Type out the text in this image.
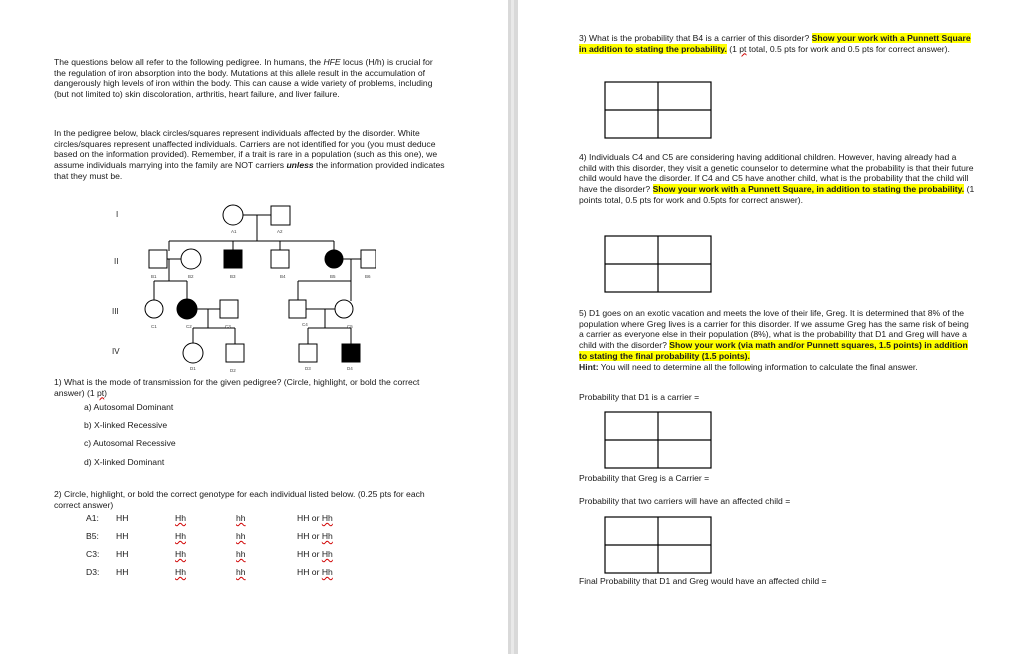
The questions below all refer to the following pedigree. In humans, the HFE locus (H/h) is crucial for the regulation of iron absorption into the body. Mutations at this allele result in the accumulation of dangerously high levels of iron within the body. This can cause a wide variety of problems, including (but not limited to) skin discoloration, arthritis, heart failure, and liver failure.
In the pedigree below, black circles/squares represent individuals affected by the disorder. White circles/squares represent unaffected individuals. Carriers are not identified for you (you must deduce based on the information provided). Remember, if a trait is rare in a population (such as this one), we assume individuals marrying into the family are NOT carriers unless the information provided indicates that they must be.
I
II
III
IV
A1	A2
B1	B2	B3	B4	B5	B6
C1	C2	C3	C4	C5
D1	D2	D3	D4
1) What is the mode of transmission for the given pedigree? (Circle, highlight, or bold the correct answer) (1 pt)
a) Autosomal Dominant
b) X-linked Recessive
c) Autosomal Recessive
d) X-linked Dominant
2) Circle, highlight, or bold the correct genotype for each individual listed below. (0.25 pts for each correct answer)
A1: HH	Hh	hh	HH or Hh
B5: HH	Hh	hh	HH or Hh
C3: HH	Hh	hh	HH or Hh
D3: HH	Hh	hh	HH or Hh
3) What is the probability that B4 is a carrier of this disorder? Show your work with a Punnett Square in addition to stating the probability. (1 pt total, 0.5 pts for work and 0.5 pts for correct answer).
4) Individuals C4 and C5 are considering having additional children. However, having already had a child with this disorder, they visit a genetic counselor to determine what the probability is that their future child would have the disorder. If C4 and C5 have another child, what is the probability that the child will have the disorder? Show your work with a Punnett Square, in addition to stating the probability. (1 points total, 0.5 pts for work and 0.5pts for correct answer).
5) D1 goes on an exotic vacation and meets the love of their life, Greg. It is determined that 8% of the population where Greg lives is a carrier for this disorder. If we assume Greg has the same risk of being a carrier as everyone else in their population (8%), what is the probability that D1 and Greg will have a child with the disorder? Show your work (via math and/or Punnett squares, 1.5 points) in addition to stating the final probability (1.5 points).
Hint: You will need to determine all the following information to calculate the final answer.
Probability that D1 is a carrier =
Probability that Greg is a Carrier =
Probability that two carriers will have an affected child =
Final Probability that D1 and Greg would have an affected child =
